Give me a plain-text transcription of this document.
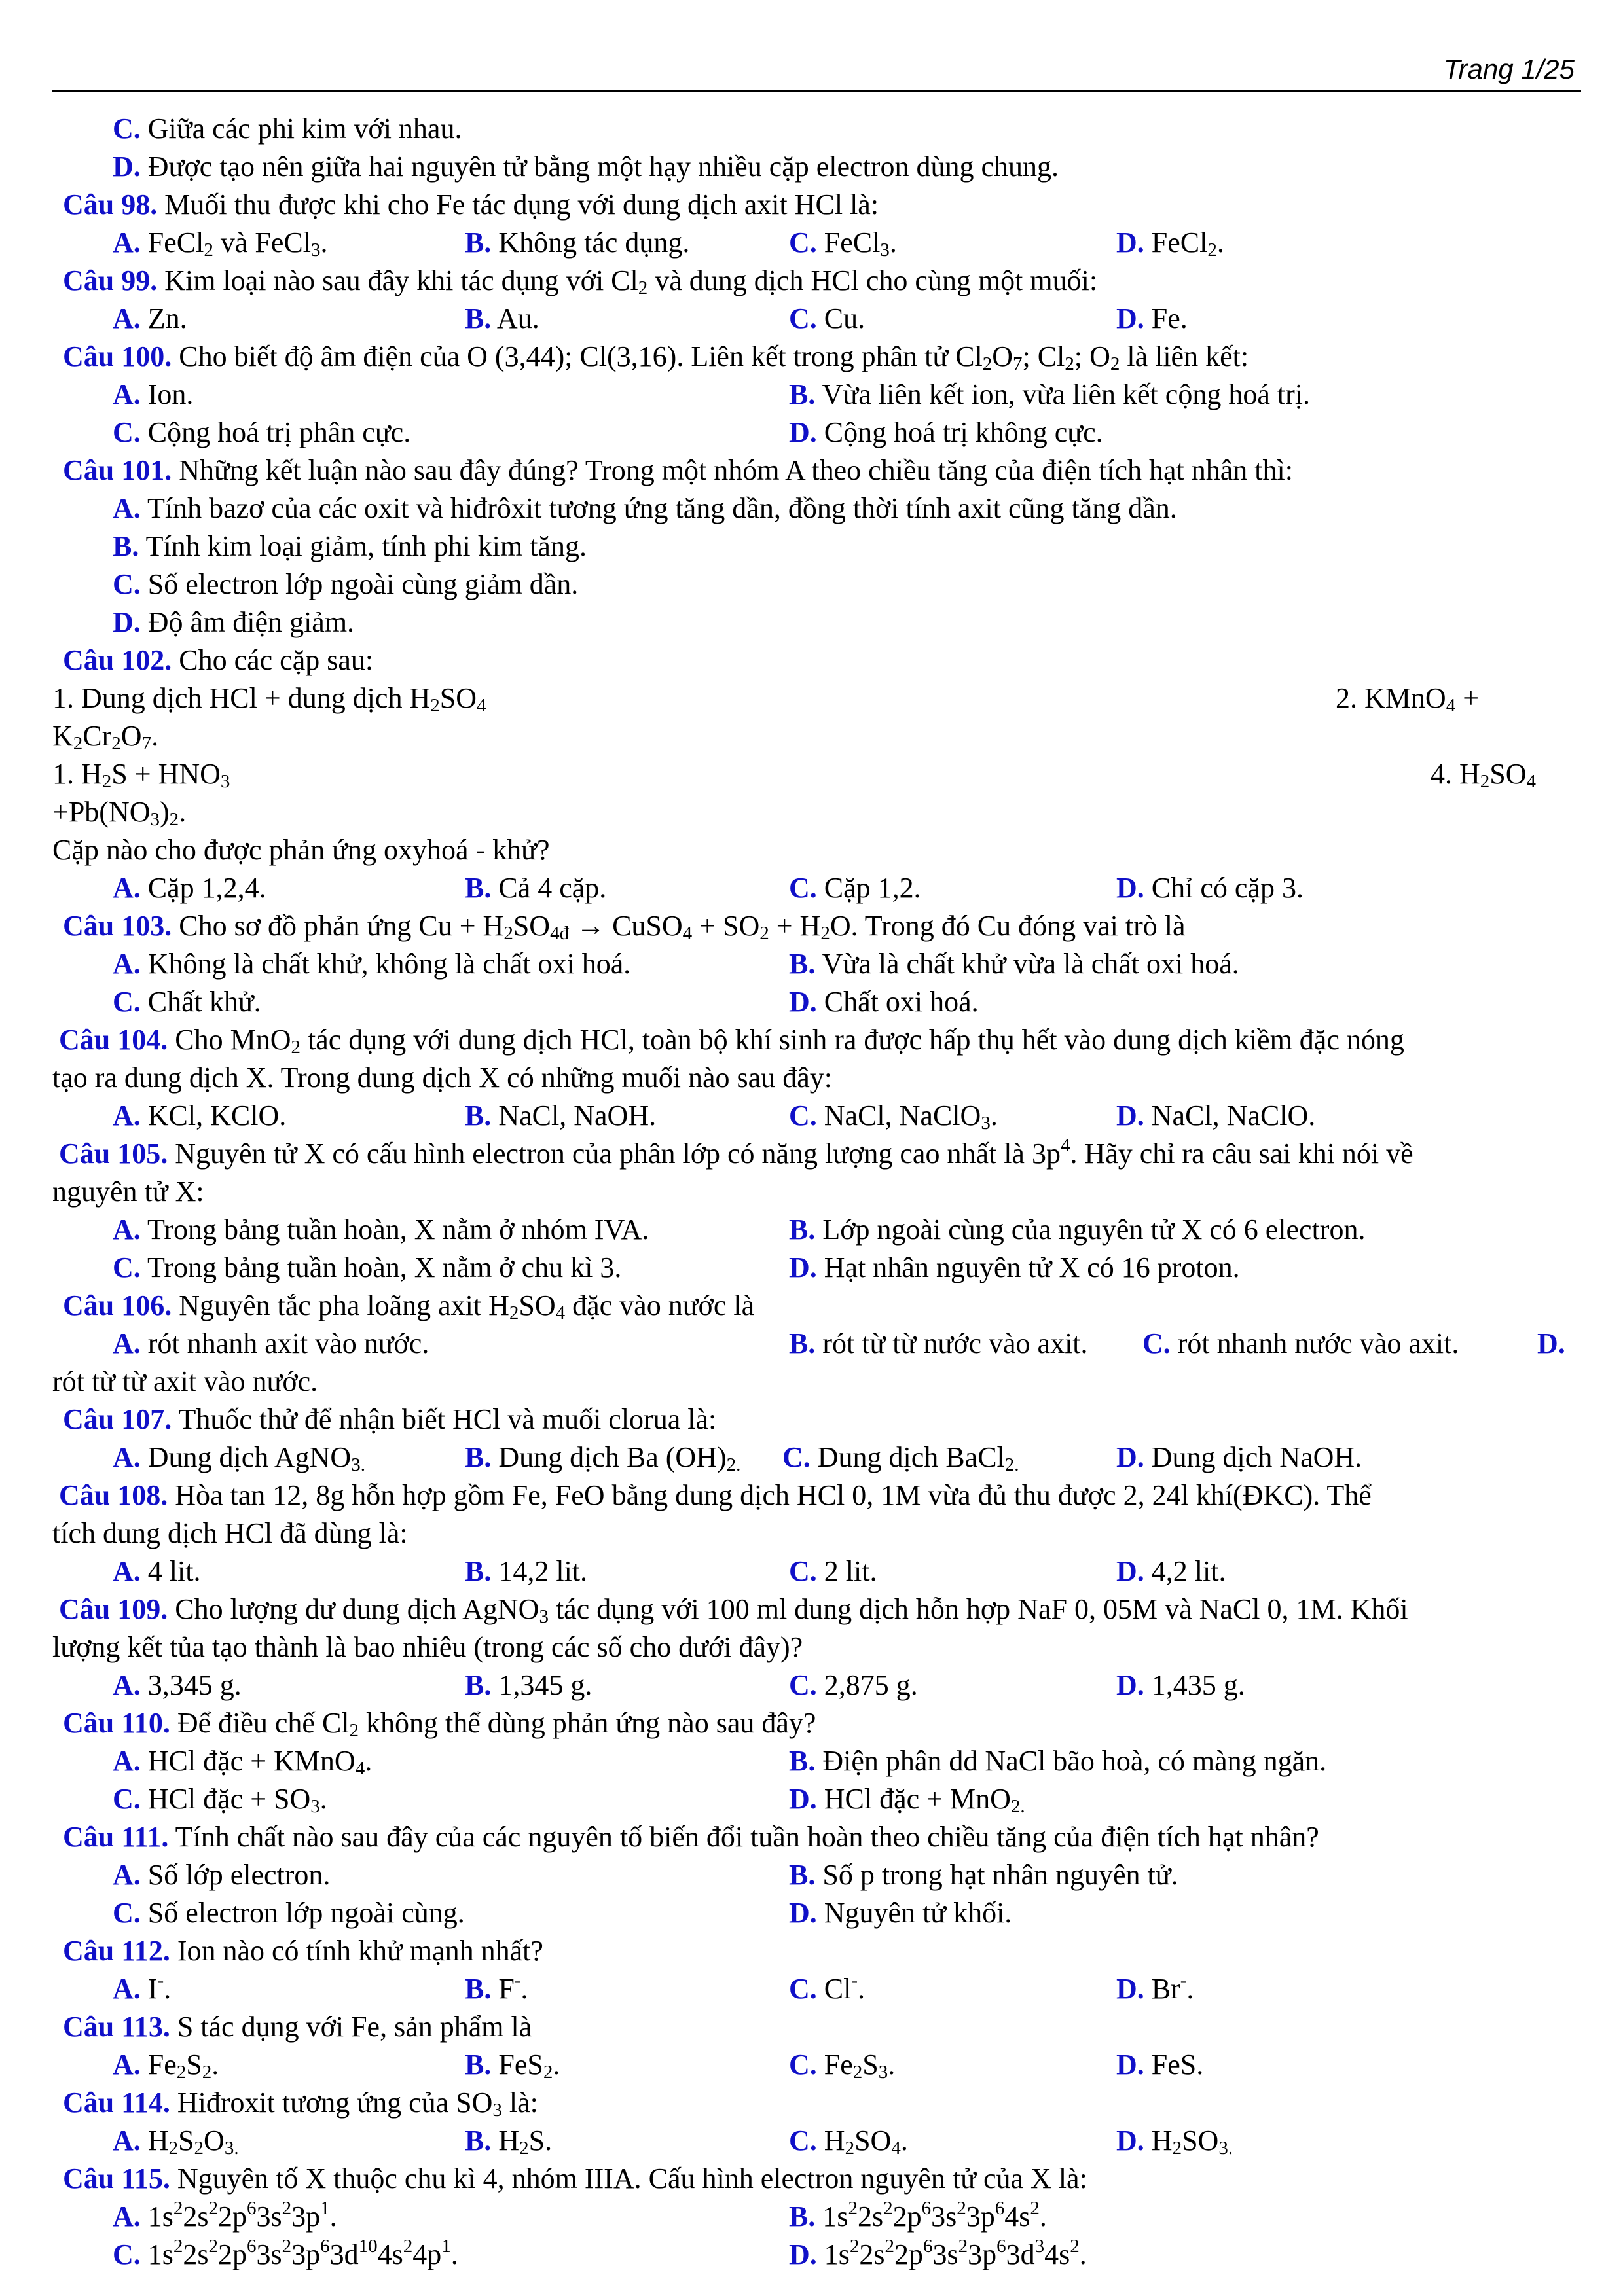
Trang 1/25
C. Giữa các phi kim với nhau.
D. Được tạo nên giữa hai nguyên tử bằng một hạy nhiều cặp electron dùng chung.
Câu 98. Muối thu được khi cho Fe tác dụng với dung dịch axit HCl là:
A. FeCl$_2$ và FeCl$_3$.	B. Không tác dụng.	C. FeCl$_3$.	D. FeCl$_2$.
Câu 99. Kim loại nào sau đây khi tác dụng với $Cl_2$ và dung dịch HCl cho cùng một muối:
A. Zn.	B. Au.	C. Cu.	D. Fe.
Câu 100. Cho biết độ âm điện của O (3,44); Cl(3,16). Liên kết trong phân tử $Cl_2O_7$; $Cl_2$; $O_2$ là liên kết:
A. Ion.	B. Vừa liên kết ion, vừa liên kết cộng hoá trị.
C. Cộng hoá trị phân cực.	D. Cộng hoá trị không cực.
Câu 101. Những kết luận nào sau đây đúng? Trong một nhóm A theo chiều tăng của điện tích hạt nhân thì:
A. Tính bazơ của các oxit và hiđrôxit tương ứng tăng dần, đồng thời tính axit cũng tăng dần.
B. Tính kim loại giảm, tính phi kim tăng.
C. Số electron lớp ngoài cùng giảm dần.
D. Độ âm điện giảm.
Câu 102. Cho các cặp sau:
1. Dung dịch HCl + dung dịch $H_2SO_4$	2. KMnO$_4$ +
$K_2Cr_2O_7$.
1. $H_2S + HNO_3$	4. $H_2SO_4$
$+Pb(NO_3)_2$.
Cặp nào cho được phản ứng oxyhoá - khử?
A. Cặp 1,2,4.	B. Cả 4 cặp.	C. Cặp 1,2.	D. Chỉ có cặp 3.
Câu 103. Cho sơ đồ phản ứng $Cu + H_2SO_{4đ}$ → CuSO$_4$ + $SO_2 + H_2O$. Trong đó Cu đóng vai trò là
A. Không là chất khử, không là chất oxi hoá.	B. Vừa là chất khử vừa là chất oxi hoá.
C. Chất khử.	D. Chất oxi hoá.
Câu 104. Cho MnO$_2$ tác dụng với dung dịch HCl, toàn bộ khí sinh ra được hấp thụ hết vào dung dịch kiềm đặc nóng
tạo ra dung dịch X. Trong dung dịch X có những muối nào sau đây:
A. KCl, KClO.	B. NaCl, NaOH.	C. NaCl, NaClO$_3$.	D. NaCl, NaClO.
Câu 105. Nguyên tử X có cấu hình electron của phân lớp có năng lượng cao nhất là $3p^4$. Hãy chỉ ra câu sai khi nói về
nguyên tử X:
A. Trong bảng tuần hoàn, X nằm ở nhóm IVA.	B. Lớp ngoài cùng của nguyên tử X có 6 electron.
C. Trong bảng tuần hoàn, X nằm ở chu kì 3.	D. Hạt nhân nguyên tử X có 16 proton.
Câu 106. Nguyên tắc pha loãng axit $H_2SO_4$ đặc vào nước là
A. rót nhanh axit vào nước.	B. rót từ từ nước vào axit. C. rót nhanh nước vào axit.	D.
rót từ từ axit vào nước.
Câu 107. Thuốc thử để nhận biết HCl và muối clorua là:
A. Dung dịch AgNO$_{3.}$	B. Dung dịch Ba $(OH)_{2.}$ C. Dung dịch BaCl$_{2.}$	D. Dung dịch NaOH.
Câu 108. Hòa tan 12, 8g hỗn hợp gồm Fe, FeO bằng dung dịch HCl 0, 1M vừa đủ thu được 2, 24l khí(ĐKC). Thể
tích dung dịch HCl đã dùng là:
A. 4 lit.	B. 14,2 lit.	C. 2 lit.	D. 4,2 lit.
Câu 109. Cho lượng dư dung dịch AgNO$_3$ tác dụng với 100 ml dung dịch hỗn hợp NaF 0, 05M và NaCl 0, 1M. Khối
lượng kết tủa tạo thành là bao nhiêu (trong các số cho dưới đây)?
A. 3,345 g.	B. 1,345 g.	C. 2,875 g.	D. 1,435 g.
Câu 110. Để điều chế $Cl_2$ không thể dùng phản ứng nào sau đây?
A. HCl đặc + KMnO$_4$.	B. Điện phân dd NaCl bão hoà, có màng ngăn.
C. HCl đặc + $SO_3$.	D. HCl đặc + MnO$_{2.}$
Câu 111. Tính chất nào sau đây của các nguyên tố biến đổi tuần hoàn theo chiều tăng của điện tích hạt nhân?
A. Số lớp electron.	B. Số p trong hạt nhân nguyên tử.
C. Số electron lớp ngoài cùng.	D. Nguyên tử khối.
Câu 112. Ion nào có tính khử mạnh nhất?
A. I-.	B. F-.	C. Cl-.	D. Br-.
Câu 113. S tác dụng với Fe, sản phẩm là
A. $Fe_2S_2$.	B. FeS$_2$.	C. $Fe_2S_3$.	D. FeS.
Câu 114. Hiđroxit tương ứng của $SO_3$ là:
A. $H_2S_2O_{3.}$	B. $H_2S$.	C. $H_2SO_4$.	D. $H_2SO_{3.}$
Câu 115. Nguyên tố X thuộc chu kì 4, nhóm IIIA. Cấu hình electron nguyên tử của X là:
A. $1s^22s^22p^63s^23p^1$.	B. $1s^22s^22p^63s^23p^64s^2$.
C. $1s^22s^22p^63s^23p^63d^{10}4s^24p^1$.	D. $1s^22s^22p^63s^23p^63d^34s^2$.
